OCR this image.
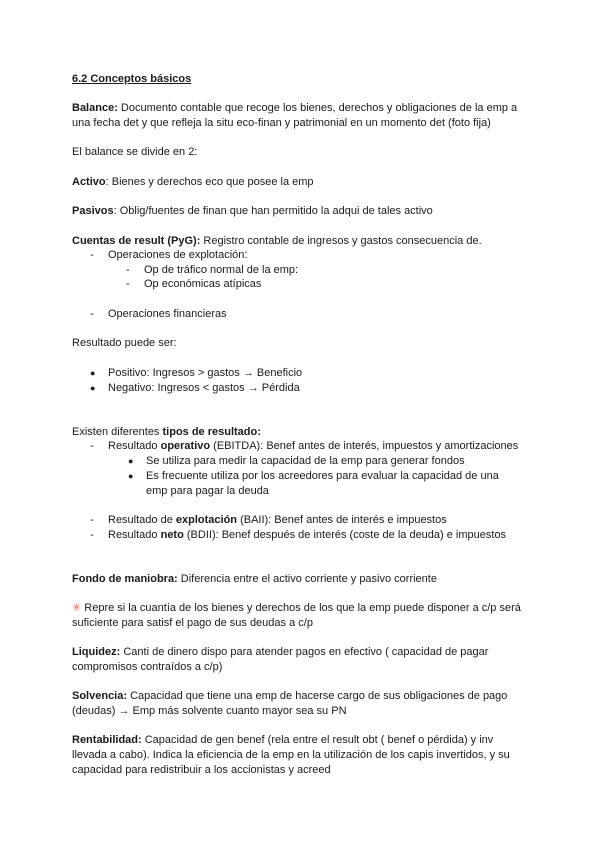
6.2 Conceptos básicos
Balance: Documento contable que recoge los bienes, derechos y obligaciones de la emp a
una fecha det y que refleja la situ eco-finan y patrimonial en un momento det (foto fija)
El balance se divide en 2:
Activo: Bienes y derechos eco que posee la emp
Pasivos: Oblig/fuentes de finan que han permitido la adqui de tales activo
Cuentas de result (PyG): Registro contable de ingresos y gastos consecuencia de.
- Operaciones de explotación:
- Op de tráfico normal de la emp:
- Op económicas atípicas
- Operaciones financieras
Resultado puede ser:
● Positivo: Ingresos > gastos → Beneficio
● Negativo: Ingresos < gastos → Pérdida
Existen diferentes tipos de resultado:
- Resultado operativo (EBITDA): Benef antes de interés, impuestos y amortizaciones
● Se utiliza para medir la capacidad de la emp para generar fondos
● Es frecuente utiliza por los acreedores para evaluar la capacidad de una
emp para pagar la deuda
- Resultado de explotación (BAII): Benef antes de interés e impuestos
- Resultado neto (BDII): Benef después de interés (coste de la deuda) e impuestos
Fondo de maniobra: Diferencia entre el activo corriente y pasivo corriente
✳ Repre si la cuantía de los bienes y derechos de los que la emp puede disponer a c/p será
suficiente para satisf el pago de sus deudas a c/p
Liquidez: Canti de dinero dispo para atender pagos en efectivo ( capacidad de pagar
compromisos contraídos a c/p)
Solvencia: Capacidad que tiene una emp de hacerse cargo de sus obligaciones de pago
(deudas) → Emp más solvente cuanto mayor sea su PN
Rentabilidad: Capacidad de gen benef (rela entre el result obt ( benef o pérdida) y inv
llevada a cabo). Indica la eficiencia de la emp en la utilización de los capis invertidos, y su
capacidad para redistribuir a los accionistas y acreed
